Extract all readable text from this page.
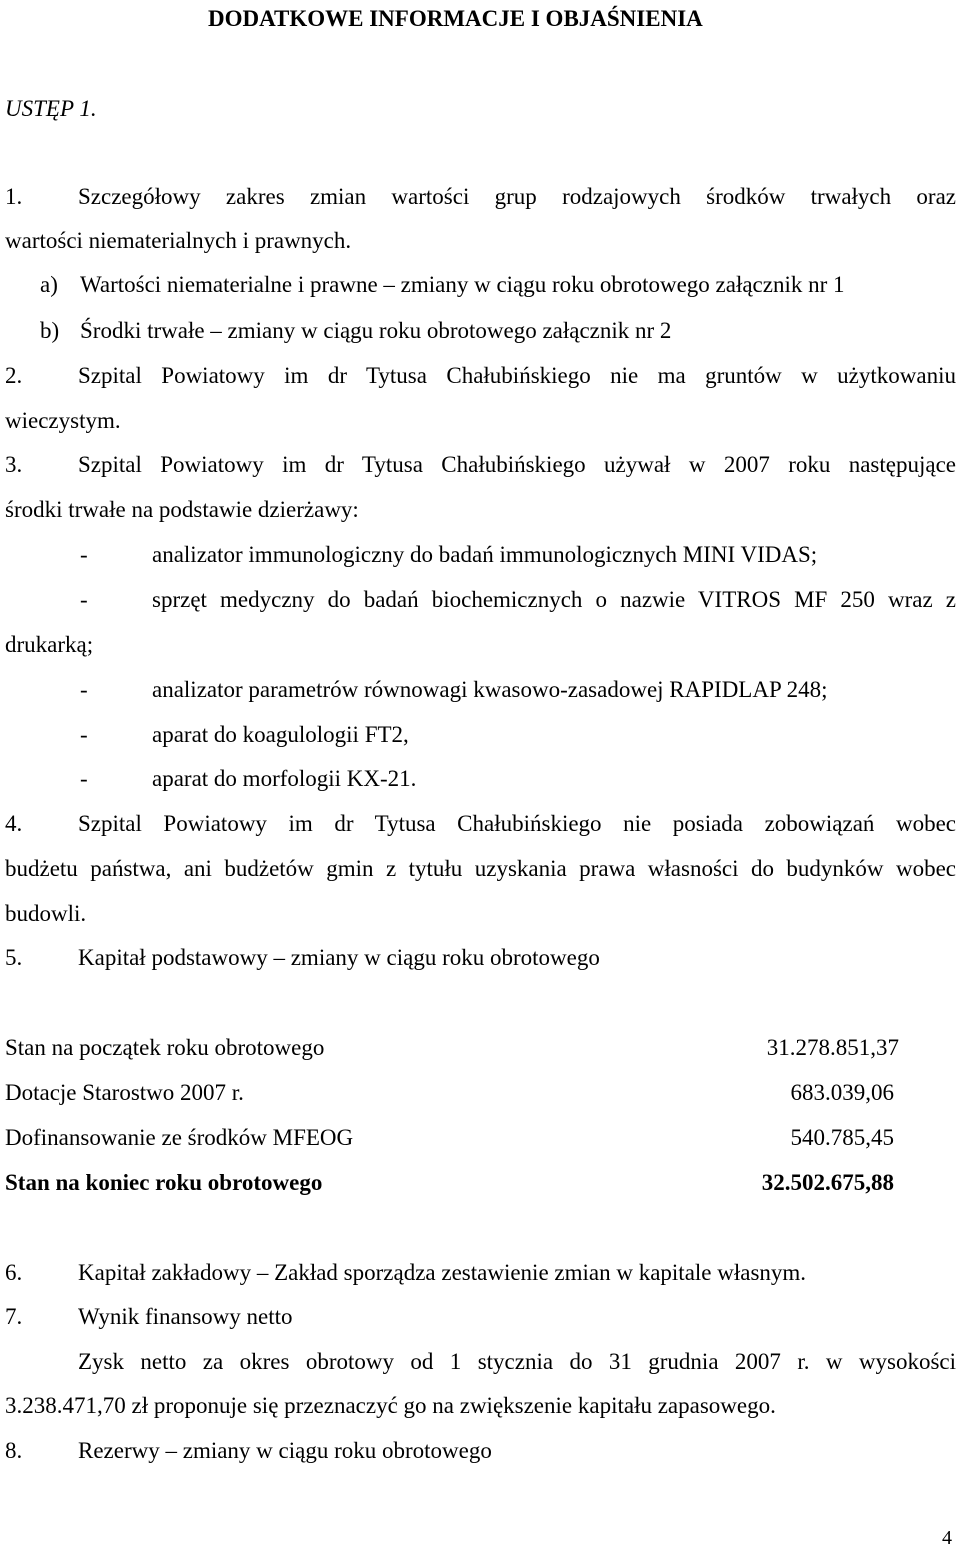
DODATKOWE INFORMACJE I OBJAŚNIENIA
USTĘP 1.
1. Szczegółowy zakres zmian wartości grup rodzajowych środków trwałych oraz
wartości niematerialnych i prawnych.
a) Wartości niematerialne i prawne – zmiany w ciągu roku obrotowego załącznik nr 1
b) Środki trwałe – zmiany w ciągu roku obrotowego załącznik nr 2
2. Szpital Powiatowy im dr Tytusa Chałubińskiego nie ma gruntów w użytkowaniu
wieczystym.
3. Szpital Powiatowy im dr Tytusa Chałubińskiego używał w 2007 roku następujące
środki trwałe na podstawie dzierżawy:
-	analizator immunologiczny do badań immunologicznych MINI VIDAS;
-	sprzęt medyczny do badań biochemicznych o nazwie VITROS MF 250 wraz z
drukarką;
-	analizator parametrów równowagi kwasowo-zasadowej RAPIDLAP 248;
-	aparat do koagulologii FT2,
-	aparat do morfologii KX-21.
4. Szpital Powiatowy im dr Tytusa Chałubińskiego nie posiada zobowiązań wobec
budżetu państwa, ani budżetów gmin z tytułu uzyskania prawa własności do budynków wobec
budowli.
5. Kapitał podstawowy – zmiany w ciągu roku obrotowego
Stan na początek roku obrotowego	31.278.851,37
Dotacje Starostwo 2007 r.	683.039,06
Dofinansowanie ze środków MFEOG	540.785,45
Stan na koniec roku obrotowego	32.502.675,88
6. Kapitał zakładowy – Zakład sporządza zestawienie zmian w kapitale własnym.
7. Wynik finansowy netto
Zysk netto za okres obrotowy od 1 stycznia do 31 grudnia 2007 r. w wysokości
3.238.471,70 zł proponuje się przeznaczyć go na zwiększenie kapitału zapasowego.
8. Rezerwy – zmiany w ciągu roku obrotowego
4
